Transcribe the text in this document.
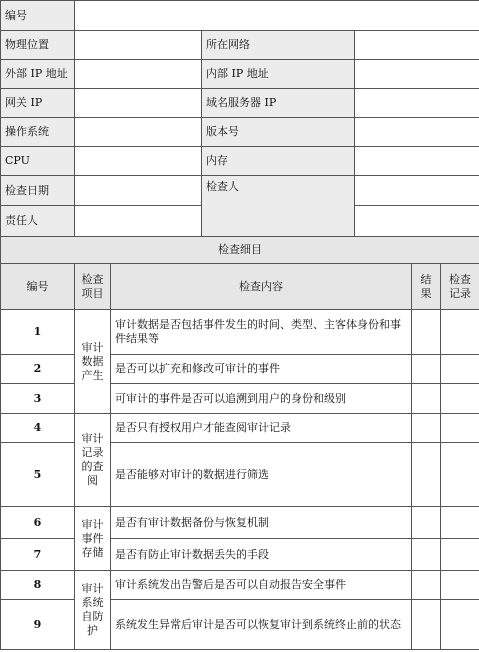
编号			
物理位置		所在网络	
外部 IP 地址		内部 IP 地址	
网关 IP		域名服务器 IP	
操作系统		版本号	
CPU		内存	
检查日期		检查人	
责任人			
检查细目				
编号	检查项目	检查内容	结果	检查记录
1	审计数据产生	审计数据是否包括事件发生的时间、类型、主客体身份和事件结果等		
2		是否可以扩充和修改可审计的事件		
3		可审计的事件是否可以追溯到用户的身份和级别		
4	审计记录的查阅	是否只有授权用户才能查阅审计记录		
5		是否能够对审计的数据进行筛选		
6	审计事件存储	是否有审计数据备份与恢复机制		
7		是否有防止审计数据丢失的手段		
8	审计系统自防护	审计系统发出告警后是否可以自动报告安全事件		
9		系统发生异常后审计是否可以恢复审计到系统终止前的状态		
